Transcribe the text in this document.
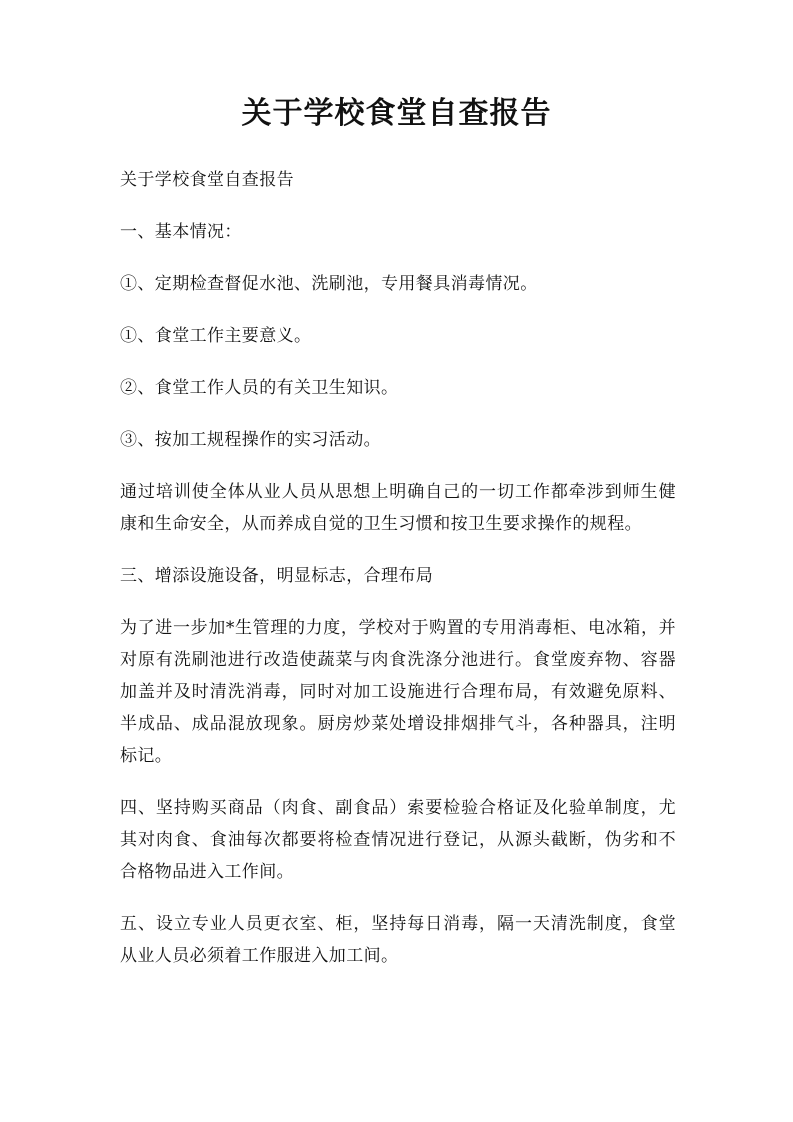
关于学校食堂自查报告

关于学校食堂自查报告

一、基本情况：

①、定期检查督促水池、洗刷池，专用餐具消毒情况。

①、食堂工作主要意义。

②、食堂工作人员的有关卫生知识。

③、按加工规程操作的实习活动。

通过培训使全体从业人员从思想上明确自己的一切工作都牵涉到师生健康和生命安全，从而养成自觉的卫生习惯和按卫生要求操作的规程。

三、增添设施设备，明显标志，合理布局

为了进一步加*生管理的力度，学校对于购置的专用消毒柜、电冰箱，并对原有洗刷池进行改造使蔬菜与肉食洗涤分池进行。食堂废弃物、容器加盖并及时清洗消毒，同时对加工设施进行合理布局，有效避免原料、半成品、成品混放现象。厨房炒菜处增设排烟排气斗，各种器具，注明标记。

四、坚持购买商品（肉食、副食品）索要检验合格证及化验单制度，尤其对肉食、食油每次都要将检查情况进行登记，从源头截断，伪劣和不合格物品进入工作间。

五、设立专业人员更衣室、柜，坚持每日消毒，隔一天清洗制度，食堂从业人员必须着工作服进入加工间。
